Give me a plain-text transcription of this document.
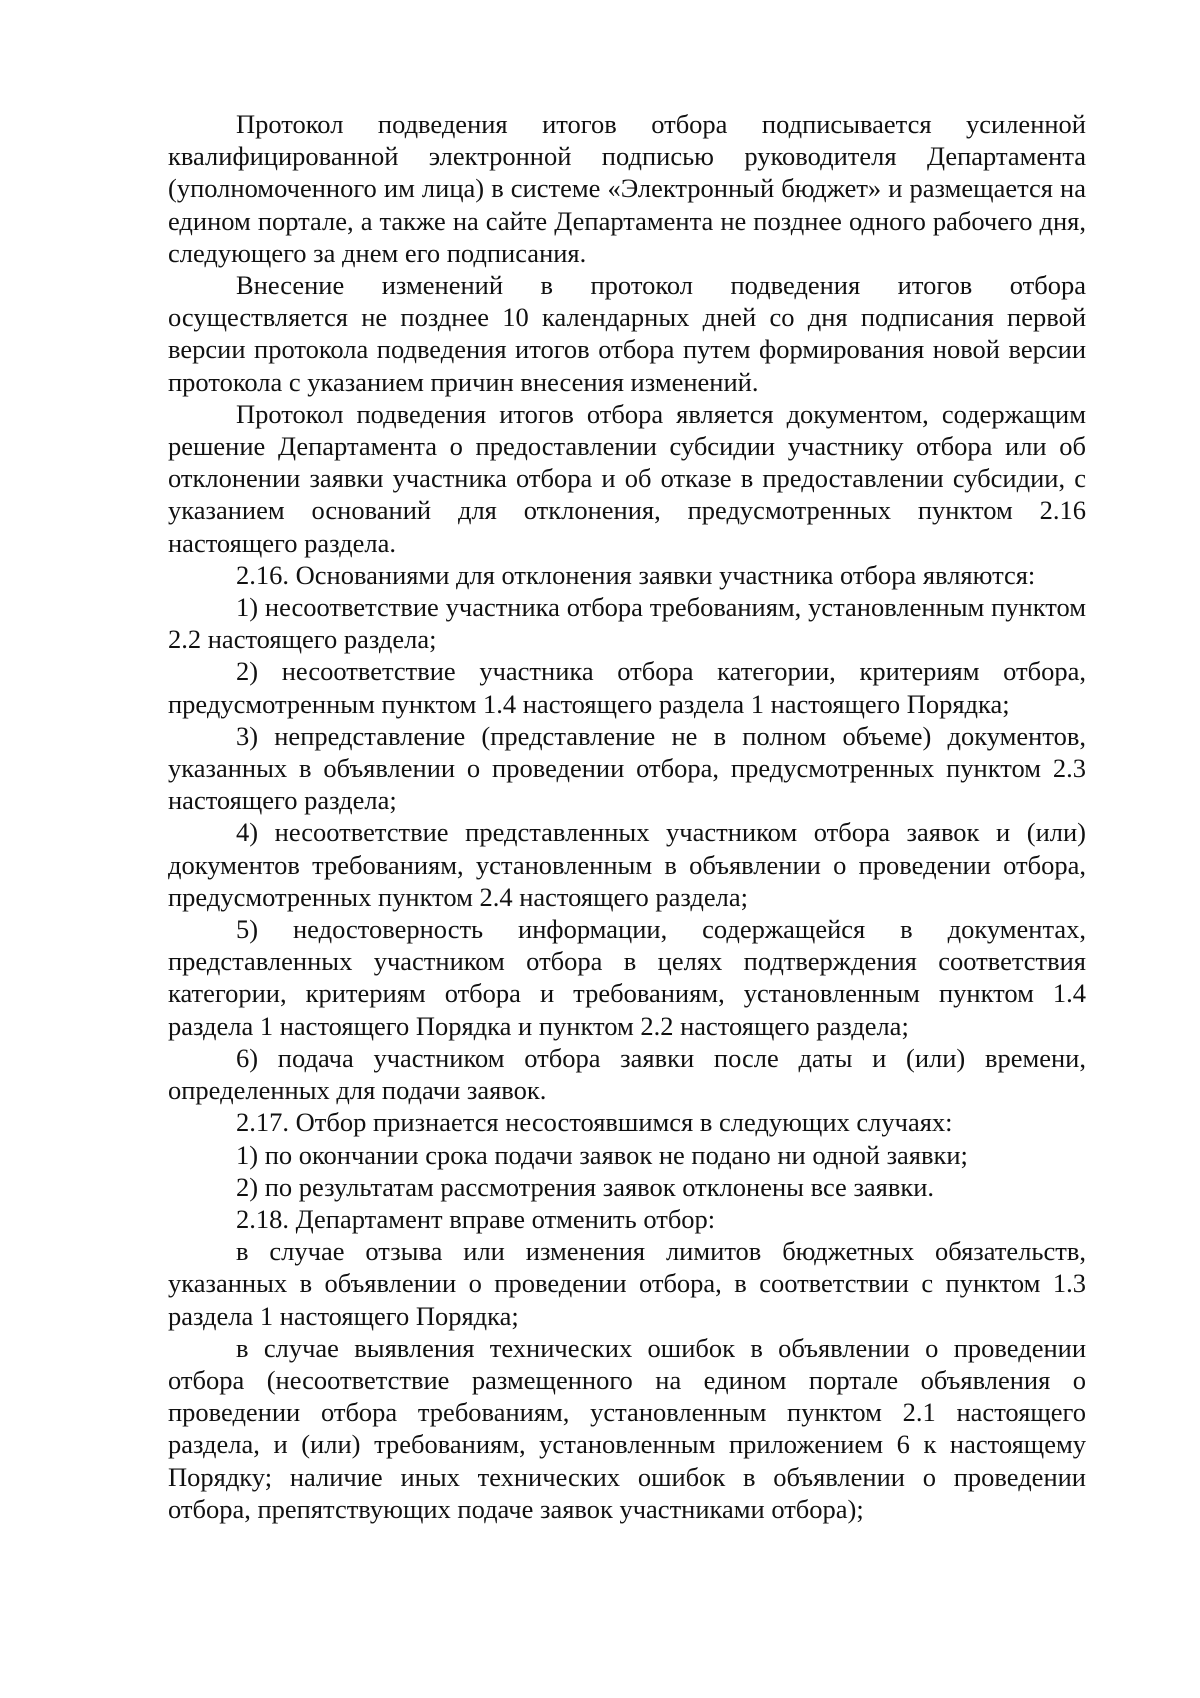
Протокол подведения итогов отбора подписывается усиленной квалифицированной электронной подписью руководителя Департамента (уполномоченного им лица) в системе «Электронный бюджет» и размещается на едином портале, а также на сайте Департамента не позднее одного рабочего дня, следующего за днем его подписания.

Внесение изменений в протокол подведения итогов отбора осуществляется не позднее 10 календарных дней со дня подписания первой версии протокола подведения итогов отбора путем формирования новой версии протокола с указанием причин внесения изменений.

Протокол подведения итогов отбора является документом, содержащим решение Департамента о предоставлении субсидии участнику отбора или об отклонении заявки участника отбора и об отказе в предоставлении субсидии, с указанием оснований для отклонения, предусмотренных пунктом 2.16 настоящего раздела.

2.16. Основаниями для отклонения заявки участника отбора являются:

1) несоответствие участника отбора требованиям, установленным пунктом 2.2 настоящего раздела;

2) несоответствие участника отбора категории, критериям отбора, предусмотренным пунктом 1.4 настоящего раздела 1 настоящего Порядка;

3) непредставление (представление не в полном объеме) документов, указанных в объявлении о проведении отбора, предусмотренных пунктом 2.3 настоящего раздела;

4) несоответствие представленных участником отбора заявок и (или) документов требованиям, установленным в объявлении о проведении отбора, предусмотренных пунктом 2.4 настоящего раздела;

5) недостоверность информации, содержащейся в документах, представленных участником отбора в целях подтверждения соответствия категории, критериям отбора и требованиям, установленным пунктом 1.4 раздела 1 настоящего Порядка и пунктом 2.2 настоящего раздела;

6) подача участником отбора заявки после даты и (или) времени, определенных для подачи заявок.

2.17. Отбор признается несостоявшимся в следующих случаях:

1) по окончании срока подачи заявок не подано ни одной заявки;

2) по результатам рассмотрения заявок отклонены все заявки.

2.18. Департамент вправе отменить отбор:

в случае отзыва или изменения лимитов бюджетных обязательств, указанных в объявлении о проведении отбора, в соответствии с пунктом 1.3 раздела 1 настоящего Порядка;

в случае выявления технических ошибок в объявлении о проведении отбора (несоответствие размещенного на едином портале объявления о проведении отбора требованиям, установленным пунктом 2.1 настоящего раздела, и (или) требованиям, установленным приложением 6 к настоящему Порядку; наличие иных технических ошибок в объявлении о проведении отбора, препятствующих подаче заявок участниками отбора);
